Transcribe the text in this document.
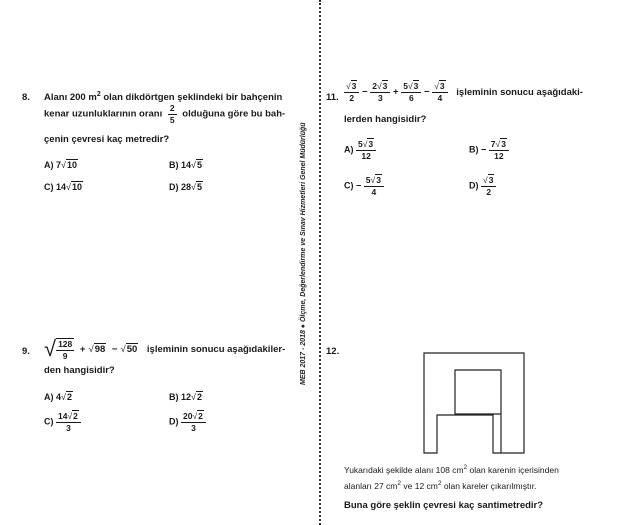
MEB 2017 - 2018 ● Ölçme, Değerlendirme ve Sınav Hizmetleri Genel Müdürlüğü
8. Alanı 200 $m^2$ olan dikdörtgen şeklindeki bir bahçenin
kenar uzunluklarının oranı $\frac{2}{5}$ olduğuna göre bu bah-
çenin çevresi kaç metredir?
A) 7√10	B) 14√5
C) 14√10	D) 28√5
9. √ $\frac{128}{9} + √98 - √50$ işleminin sonucu aşağıdakiler-
den hangisidir?
A) 4√2	B) 12√2
$C) \frac{14√2}{3}$	$D) \frac{20√2}{3}$
11. $\frac{√3}{2} - \frac{2√3}{3} + \frac{5√3}{6} - \frac{√3}{4}$ işleminin sonucu aşağıdaki-
lerden hangisidir?
$A) \frac{5√3}{12}$	$B) - \frac{7√3}{12}$
$C) - \frac{5√3}{4}$	$D) \frac{√3}{2}$
12.
Yukarıdaki şekilde alanı 108 $cm^2$ olan karenin içerisinden
alanları 27 $cm^2$ ve 12 $cm^2$ olan kareler çıkarılmıştır.
Buna göre şeklin çevresi kaç santimetredir?
